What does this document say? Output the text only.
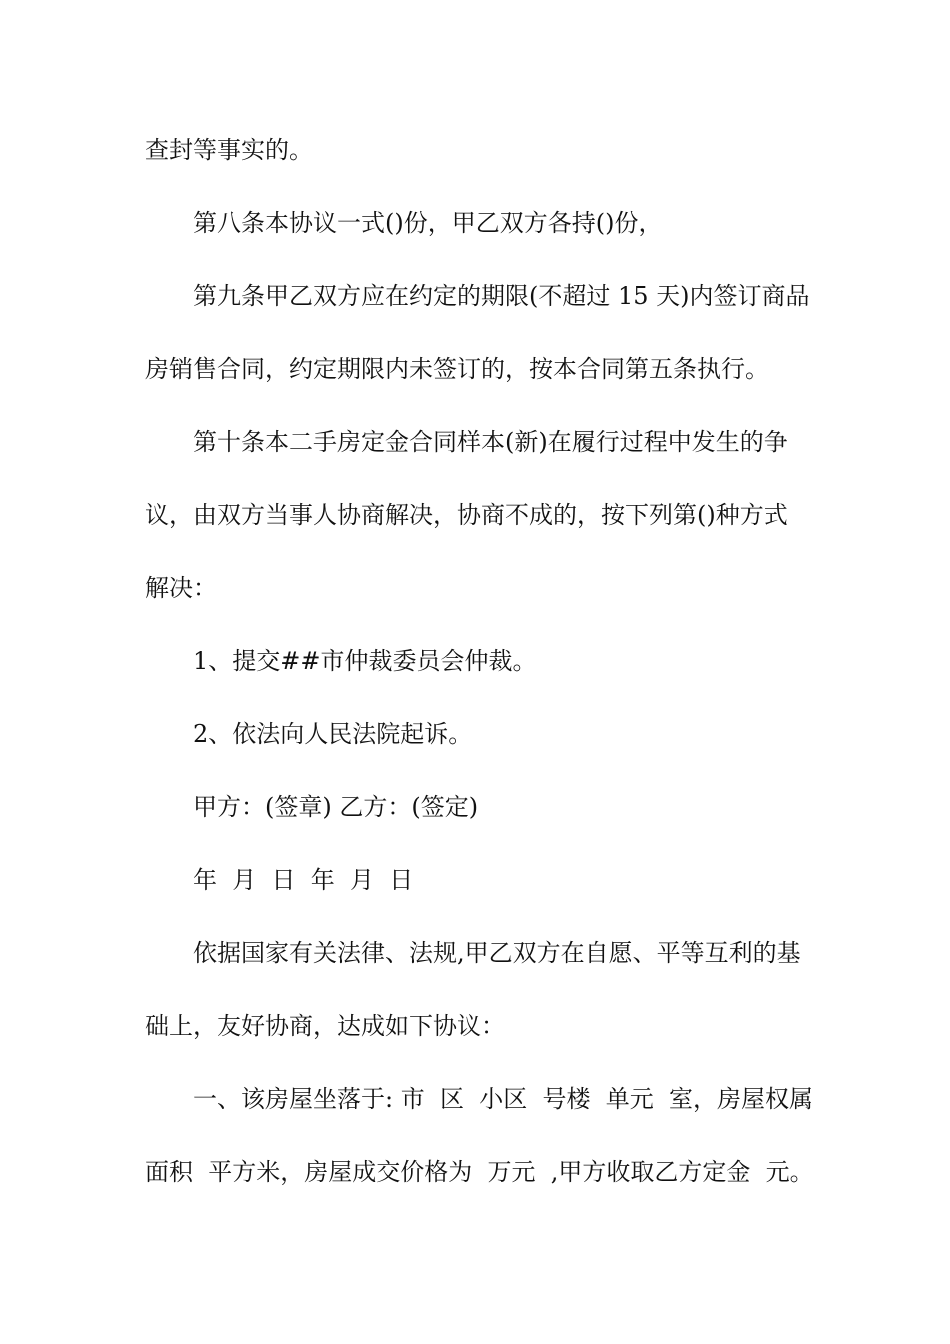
查封等事实的。
第八条本协议一式()份，甲乙双方各持()份，
第九条甲乙双方应在约定的期限(不超过 15 天)内签订商品
房销售合同，约定期限内未签订的，按本合同第五条执行。
第十条本二手房定金合同样本(新)在履行过程中发生的争
议，由双方当事人协商解决，协商不成的，按下列第()种方式
解决：
1、提交##市仲裁委员会仲裁。
2、依法向人民法院起诉。
甲方：(签章) 乙方：(签定)
年  月  日  年  月  日
依据国家有关法律、法规,甲乙双方在自愿、平等互利的基
础上，友好协商，达成如下协议：
一、该房屋坐落于: 市  区  小区  号楼  单元  室，房屋权属
面积  平方米，房屋成交价格为  万元  ,甲方收取乙方定金  元。
